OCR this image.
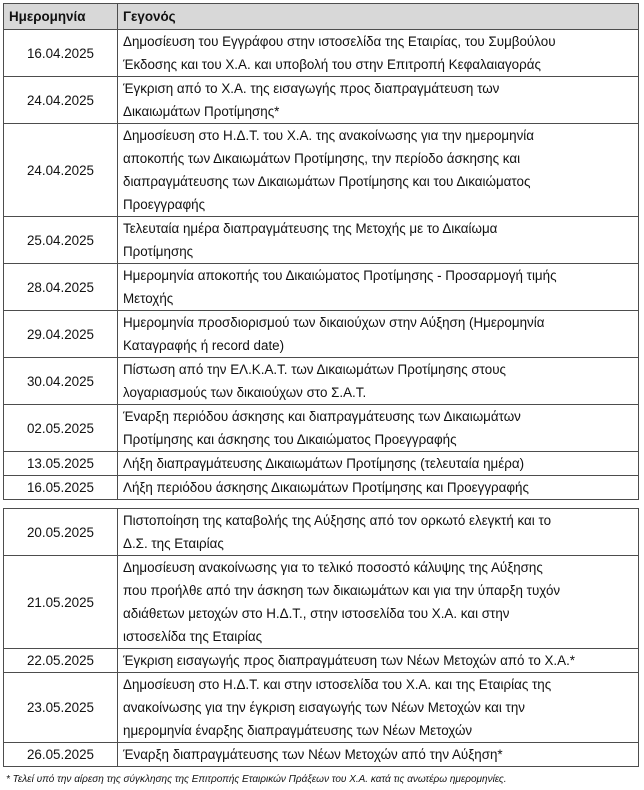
Ημερομηνία	Γεγονός
16.04.2025	Δημοσίευση του Εγγράφου στην ιστοσελίδα της Εταιρίας, του Συμβούλου
Έκδοσης και του Χ.Α. και υποβολή του στην Επιτροπή Κεφαλαιαγοράς

24.04.2025	Έγκριση από το Χ.Α. της εισαγωγής προς διαπραγμάτευση των
Δικαιωμάτων Προτίμησης*

24.04.2025	Δημοσίευση στο Η.Δ.Τ. του Χ.Α. της ανακοίνωσης για την ημερομηνία
αποκοπής των Δικαιωμάτων Προτίμησης, την περίοδο άσκησης και
διαπραγμάτευσης των Δικαιωμάτων Προτίμησης και του Δικαιώματος
Προεγγραφής

25.04.2025	Τελευταία ημέρα διαπραγμάτευσης της Μετοχής με το Δικαίωμα
Προτίμησης

28.04.2025	Ημερομηνία αποκοπής του Δικαιώματος Προτίμησης - Προσαρμογή τιμής
Μετοχής

29.04.2025	Ημερομηνία προσδιορισμού των δικαιούχων στην Αύξηση (Ημερομηνία
Καταγραφής ή record date)

30.04.2025	Πίστωση από την ΕΛ.Κ.Α.Τ. των Δικαιωμάτων Προτίμησης στους
λογαριασμούς των δικαιούχων στο Σ.Α.Τ.

02.05.2025	Έναρξη περιόδου άσκησης και διαπραγμάτευσης των Δικαιωμάτων
Προτίμησης και άσκησης του Δικαιώματος Προεγγραφής

13.05.2025	Λήξη διαπραγμάτευσης Δικαιωμάτων Προτίμησης (τελευταία ημέρα)

16.05.2025	Λήξη περιόδου άσκησης Δικαιωμάτων Προτίμησης και Προεγγραφής

20.05.2025	Πιστοποίηση της καταβολής της Αύξησης από τον ορκωτό ελεγκτή και το
Δ.Σ. της Εταιρίας

21.05.2025	Δημοσίευση ανακοίνωσης για το τελικό ποσοστό κάλυψης της Αύξησης
που προήλθε από την άσκηση των δικαιωμάτων και για την ύπαρξη τυχόν
αδιάθετων μετοχών στο Η.Δ.Τ., στην ιστοσελίδα του Χ.Α. και στην
ιστοσελίδα της Εταιρίας

22.05.2025	Έγκριση εισαγωγής προς διαπραγμάτευση των Νέων Μετοχών από το Χ.Α.*

23.05.2025	Δημοσίευση στο Η.Δ.Τ. και στην ιστοσελίδα του Χ.Α. και της Εταιρίας της
ανακοίνωσης για την έγκριση εισαγωγής των Νέων Μετοχών και την
ημερομηνία έναρξης διαπραγμάτευσης των Νέων Μετοχών

26.05.2025	Έναρξη διαπραγμάτευσης των Νέων Μετοχών από την Αύξηση*
* Τελεί υπό την αίρεση της σύγκλησης της Επιτροπής Εταιρικών Πράξεων του Χ.Α. κατά τις ανωτέρω ημερομηνίες.
